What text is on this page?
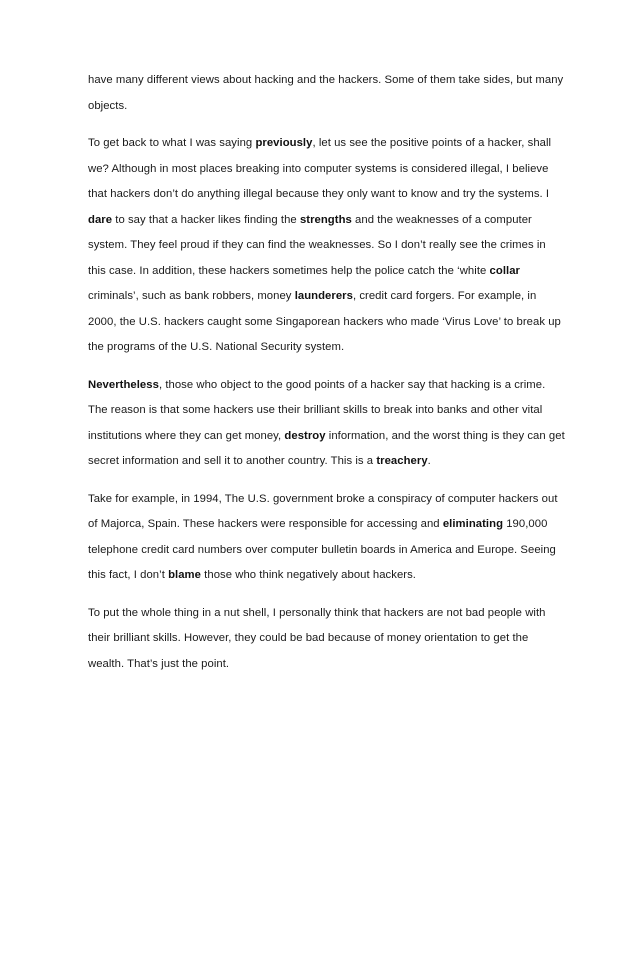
have many different views about hacking and the hackers. Some of them take sides, but many objects.

To get back to what I was saying previously, let us see the positive points of a hacker, shall we? Although in most places breaking into computer systems is considered illegal, I believe that hackers don’t do anything illegal because they only want to know and try the systems. I dare to say that a hacker likes finding the strengths and the weaknesses of a computer system. They feel proud if they can find the weaknesses. So I don’t really see the crimes in this case. In addition, these hackers sometimes help the police catch the ‘white collar criminals’, such as bank robbers, money launderers, credit card forgers. For example, in 2000, the U.S. hackers caught some Singaporean hackers who made ‘Virus Love’ to break up the programs of the U.S. National Security system.

Nevertheless, those who object to the good points of a hacker say that hacking is a crime. The reason is that some hackers use their brilliant skills to break into banks and other vital institutions where they can get money, destroy information, and the worst thing is they can get secret information and sell it to another country. This is a treachery.

Take for example, in 1994, The U.S. government broke a conspiracy of computer hackers out of Majorca, Spain. These hackers were responsible for accessing and eliminating 190,000 telephone credit card numbers over computer bulletin boards in America and Europe. Seeing this fact, I don’t blame those who think negatively about hackers.

To put the whole thing in a nut shell, I personally think that hackers are not bad people with their brilliant skills. However, they could be bad because of money orientation to get the wealth. That’s just the point.
